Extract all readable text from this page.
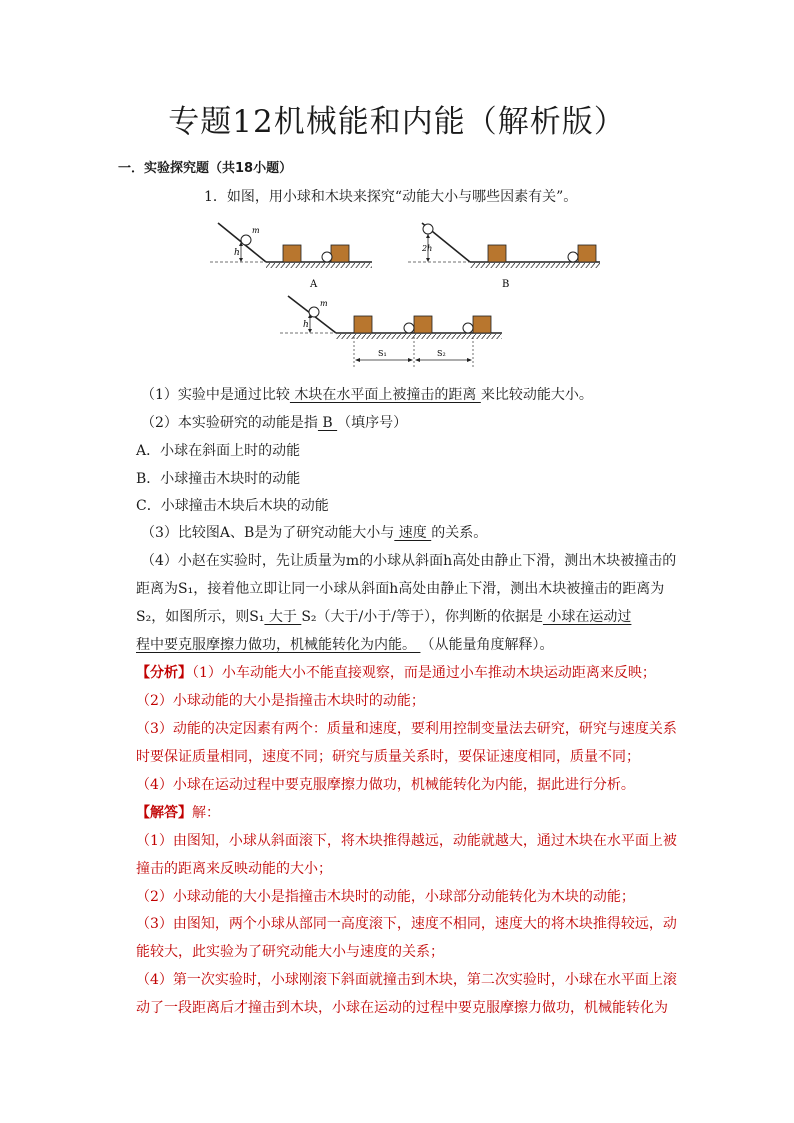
专题12机械能和内能（解析版）
一．实验探究题（共18小题）
1．如图，用小球和木块来探究“动能大小与哪些因素有关”。
m
h
A
2h
B
m
h
S₁	S₂
（1）实验中是通过比较 木块在水平面上被撞击的距离 来比较动能大小。
（2）本实验研究的动能是指 B （填序号）
A．小球在斜面上时的动能
B．小球撞击木块时的动能
C．小球撞击木块后木块的动能
（3）比较图A、B是为了研究动能大小与 速度 的关系。
（4）小赵在实验时，先让质量为m的小球从斜面h高处由静止下滑，测出木块被撞击的
距离为S₁，接着他立即让同一小球从斜面h高处由静止下滑，测出木块被撞击的距离为
S₂，如图所示，则S₁ 大于 S₂（大于/小于/等于），你判断的依据是 小球在运动过
程中要克服摩擦力做功，机械能转化为内能。 （从能量角度解释）。
【分析】（1）小车动能大小不能直接观察，而是通过小车推动木块运动距离来反映；
（2）小球动能的大小是指撞击木块时的动能；
（3）动能的决定因素有两个：质量和速度，要利用控制变量法去研究，研究与速度关系
时要保证质量相同，速度不同；研究与质量关系时，要保证速度相同，质量不同；
（4）小球在运动过程中要克服摩擦力做功，机械能转化为内能，据此进行分析。
【解答】解：
（1）由图知，小球从斜面滚下，将木块推得越远，动能就越大，通过木块在水平面上被
撞击的距离来反映动能的大小；
（2）小球动能的大小是指撞击木块时的动能，小球部分动能转化为木块的动能；
（3）由图知，两个小球从部同一高度滚下，速度不相同，速度大的将木块推得较远，动
能较大，此实验为了研究动能大小与速度的关系；
（4）第一次实验时，小球刚滚下斜面就撞击到木块，第二次实验时，小球在水平面上滚
动了一段距离后才撞击到木块，小球在运动的过程中要克服摩擦力做功，机械能转化为
